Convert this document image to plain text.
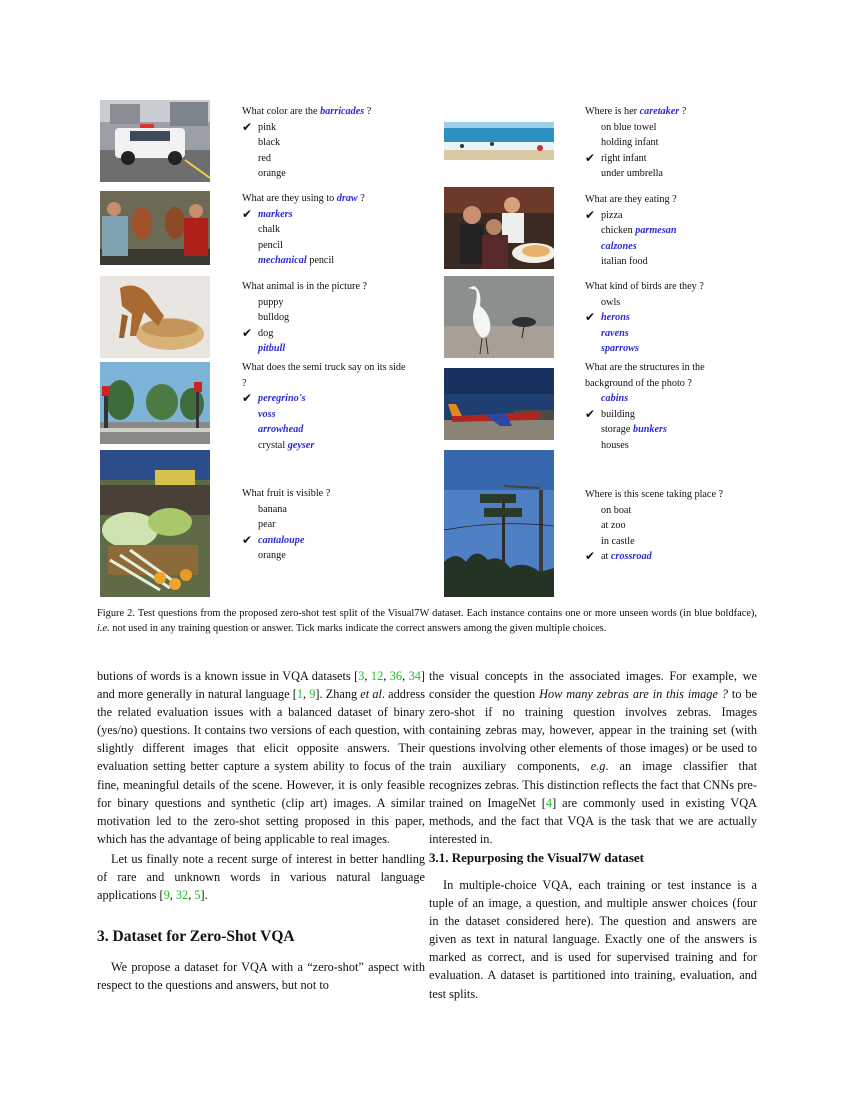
What color are the barricades ?
✔ pink
black
red
orange
What are they using to draw ?
✔ markers
chalk
pencil
mechanical pencil
What animal is in the picture ?
puppy
bulldog
✔ dog
pitbull
What does the semi truck say on its side ?
✔ peregrino's
voss
arrowhead
crystal geyser
What fruit is visible ?
banana
pear
✔ cantaloupe
orange
Where is her caretaker ?
on blue towel
holding infant
✔ right infant
under umbrella
What are they eating ?
✔ pizza
chicken parmesan
calzones
italian food
What kind of birds are they ?
owls
✔ herons
ravens
sparrows
What are the structures in the background of the photo ?
cabins
✔ building
storage bunkers
houses
Where is this scene taking place ?
on boat
at zoo
in castle
✔ at crossroad
Figure 2. Test questions from the proposed zero-shot test split of the Visual7W dataset. Each instance contains one or more unseen words (in blue boldface), i.e. not used in any training question or answer. Tick marks indicate the correct answers among the given multiple choices.

butions of words is a known issue in VQA datasets [3, 12, 36, 34] and more generally in natural language [1, 9]. Zhang et al. address the related evaluation issues with a balanced dataset of binary (yes/no) questions. It contains two versions of each question, with slightly different images that elicit opposite answers. Their evaluation setting better capture a system ability to focus of the fine, meaningful details of the scene. However, it is only feasible for binary questions and synthetic (clip art) images. A similar motivation led to the zero-shot setting proposed in this paper, which has the advantage of being applicable to real images.

Let us finally note a recent surge of interest in better handling of rare and unknown words in various natural language applications [9, 32, 5].

3. Dataset for Zero-Shot VQA

We propose a dataset for VQA with a “zero-shot” aspect with respect to the questions and answers, but not to

the visual concepts in the associated images. For example, we consider the question How many zebras are in this image ? to be zero-shot if no training question involves zebras. Images containing zebras may, however, appear in the training set (with questions involving other elements of those images) or be used to train auxiliary components, e.g. an image classifier that recognizes zebras. This distinction reflects the fact that CNNs pre-trained on ImageNet [4] are commonly used in existing VQA methods, and the fact that VQA is the task that we are actually interested in.

3.1. Repurposing the Visual7W dataset

In multiple-choice VQA, each training or test instance is a tuple of an image, a question, and multiple answer choices (four in the dataset considered here). The question and answers are given as text in natural language. Exactly one of the answers is marked as correct, and is used for supervised training and for evaluation. A dataset is partitioned into training, evaluation, and test splits.
